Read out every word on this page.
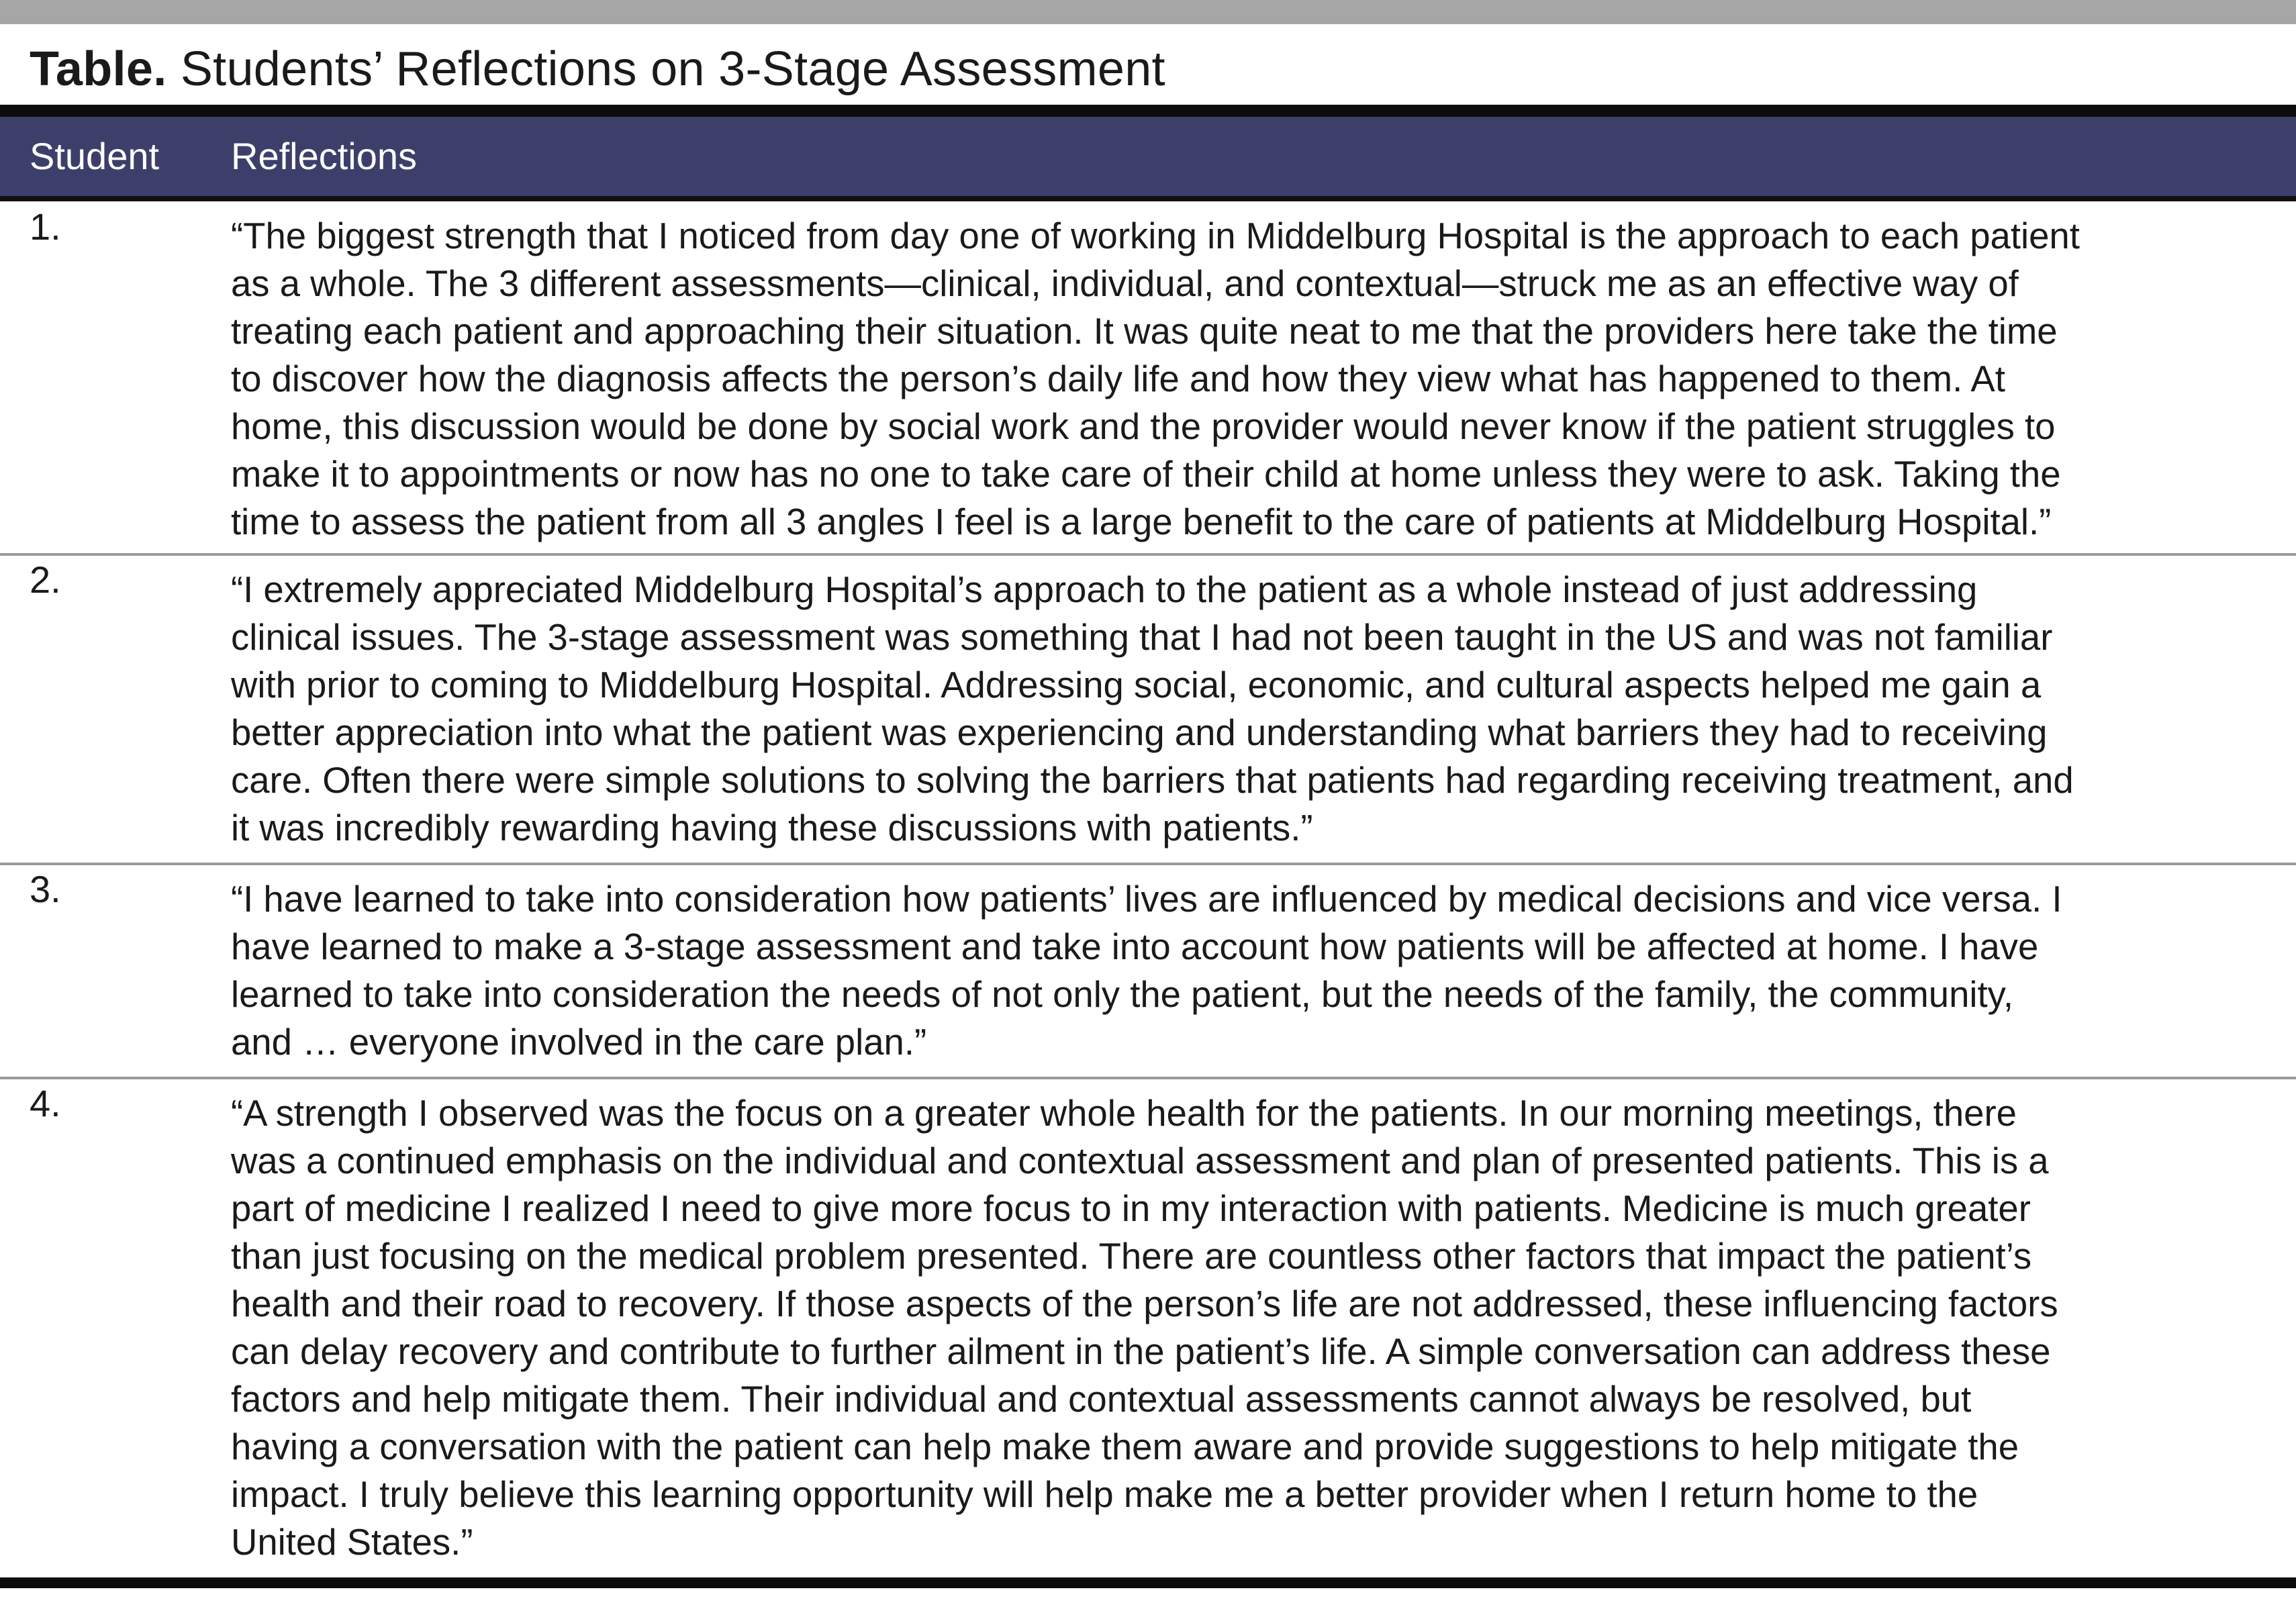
Table. Students’ Reflections on 3-Stage Assessment
Student Reflections
1.	“The biggest strength that I noticed from day one of working in Middelburg Hospital is the approach to each patient
as a whole. The 3 different assessments—clinical, individual, and contextual—struck me as an effective way of
treating each patient and approaching their situation. It was quite neat to me that the providers here take the time
to discover how the diagnosis affects the person’s daily life and how they view what has happened to them. At
home, this discussion would be done by social work and the provider would never know if the patient struggles to
make it to appointments or now has no one to take care of their child at home unless they were to ask. Taking the
time to assess the patient from all 3 angles I feel is a large benefit to the care of patients at Middelburg Hospital.”
2.	“I extremely appreciated Middelburg Hospital’s approach to the patient as a whole instead of just addressing
clinical issues. The 3-stage assessment was something that I had not been taught in the US and was not familiar
with prior to coming to Middelburg Hospital. Addressing social, economic, and cultural aspects helped me gain a
better appreciation into what the patient was experiencing and understanding what barriers they had to receiving
care. Often there were simple solutions to solving the barriers that patients had regarding receiving treatment, and
it was incredibly rewarding having these discussions with patients.”
3.	“I have learned to take into consideration how patients’ lives are influenced by medical decisions and vice versa. I
have learned to make a 3-stage assessment and take into account how patients will be affected at home. I have
learned to take into consideration the needs of not only the patient, but the needs of the family, the community,
and … everyone involved in the care plan.”
4.	“A strength I observed was the focus on a greater whole health for the patients. In our morning meetings, there
was a continued emphasis on the individual and contextual assessment and plan of presented patients. This is a
part of medicine I realized I need to give more focus to in my interaction with patients. Medicine is much greater
than just focusing on the medical problem presented. There are countless other factors that impact the patient’s
health and their road to recovery. If those aspects of the person’s life are not addressed, these influencing factors
can delay recovery and contribute to further ailment in the patient’s life. A simple conversation can address these
factors and help mitigate them. Their individual and contextual assessments cannot always be resolved, but
having a conversation with the patient can help make them aware and provide suggestions to help mitigate the
impact. I truly believe this learning opportunity will help make me a better provider when I return home to the
United States.”
